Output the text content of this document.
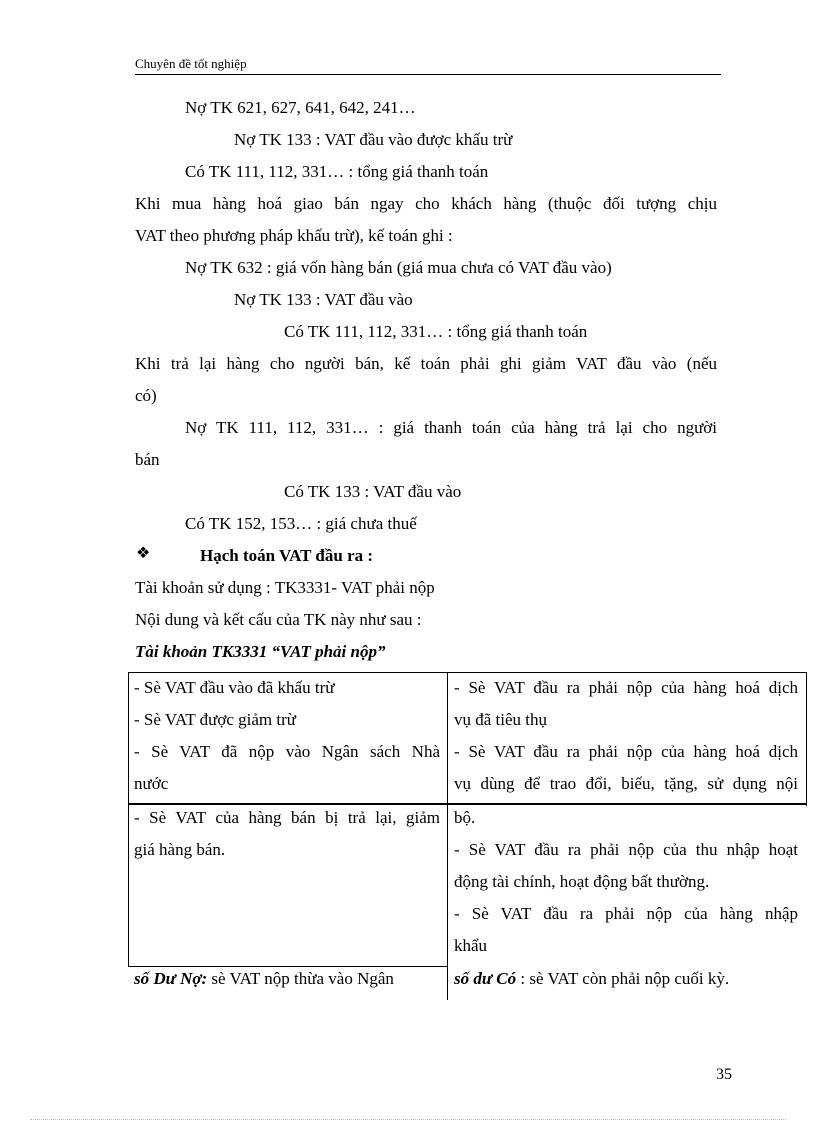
Chuyên đề tốt nghiệp
Nợ TK 621, 627, 641, 642, 241…
Nợ TK 133 : VAT đầu vào được khấu trừ
Có TK 111, 112, 331… : tổng giá thanh toán
Khi mua hàng hoá giao bán ngay cho khách hàng (thuộc đối tượng chịu
VAT theo phương pháp khấu trừ), kế toán ghi :
Nợ TK 632 : giá vốn hàng bán (giá mua chưa có VAT đầu vào)
Nợ TK 133 : VAT đầu vào
Có TK 111, 112, 331… : tổng giá thanh toán
Khi trả lại hàng cho người bán, kế toán phải ghi giảm VAT đầu vào (nếu
có)
Nợ TK 111, 112, 331… : giá thanh toán của hàng trả lại cho người
bán
Có TK 133 : VAT đầu vào
Có TK 152, 153… : giá chưa thuế
❖	Hạch toán VAT đầu ra :
Tài khoản sử dụng : TK3331- VAT phải nộp
Nội dung và kết cấu của TK này như sau :
Tài khoản TK3331 “VAT phải nộp”
- Sè VAT đầu vào đã khấu trừ
- Sè VAT được giảm trừ
- Sè VAT đã nộp vào Ngân sách Nhà
nước
- Sè VAT của hàng bán bị trả lại, giảm
giá hàng bán.
số Dư Nợ: sè VAT nộp thừa vào Ngân
- Sè VAT đầu ra phải nộp của hàng hoá dịch
vụ đã tiêu thụ
- Sè VAT đầu ra phải nộp của hàng hoá dịch
vụ dùng để trao đổi, biếu, tặng, sử dụng nội
bộ.
- Sè VAT đầu ra phải nộp của thu nhập hoạt
động tài chính, hoạt động bất thường.
- Sè VAT đầu ra phải nộp của hàng nhập
khẩu
số dư Có : sè VAT còn phải nộp cuối kỳ.
35
